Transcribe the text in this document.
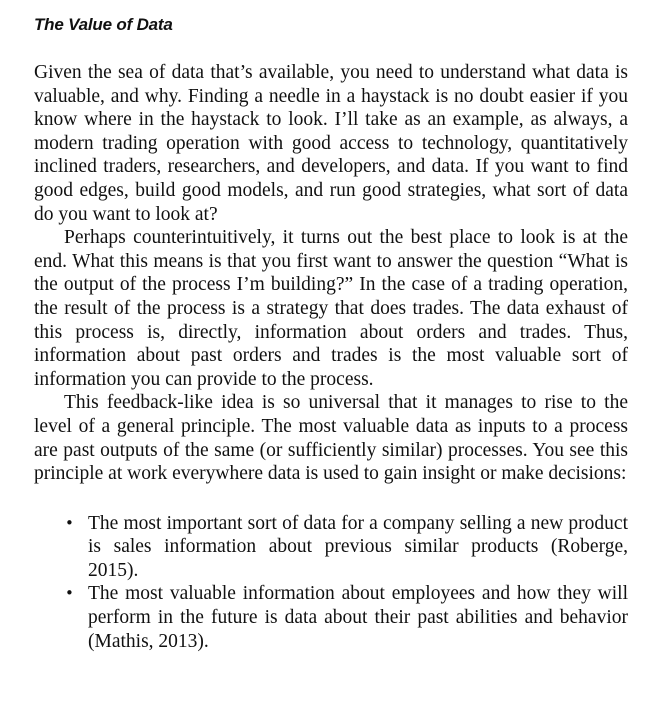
The Value of Data

Given the sea of data that’s available, you need to understand what data is valuable, and why. Finding a needle in a haystack is no doubt easier if you know where in the haystack to look. I’ll take as an example, as always, a modern trading operation with good access to technology, quantitatively inclined traders, researchers, and developers, and data. If you want to find good edges, build good models, and run good strategies, what sort of data do you want to look at?

Perhaps counterintuitively, it turns out the best place to look is at the end. What this means is that you first want to answer the question “What is the output of the process I’m building?” In the case of a trading operation, the result of the process is a strategy that does trades. The data exhaust of this process is, directly, information about orders and trades. Thus, information about past orders and trades is the most valuable sort of information you can provide to the process.

This feedback-like idea is so universal that it manages to rise to the level of a general principle. The most valuable data as inputs to a process are past outputs of the same (or sufficiently similar) processes. You see this principle at work everywhere data is used to gain insight or make decisions:

• The most important sort of data for a company selling a new product is sales information about previous similar products (Roberge, 2015).
• The most valuable information about employees and how they will perform in the future is data about their past abilities and behavior (Mathis, 2013).
